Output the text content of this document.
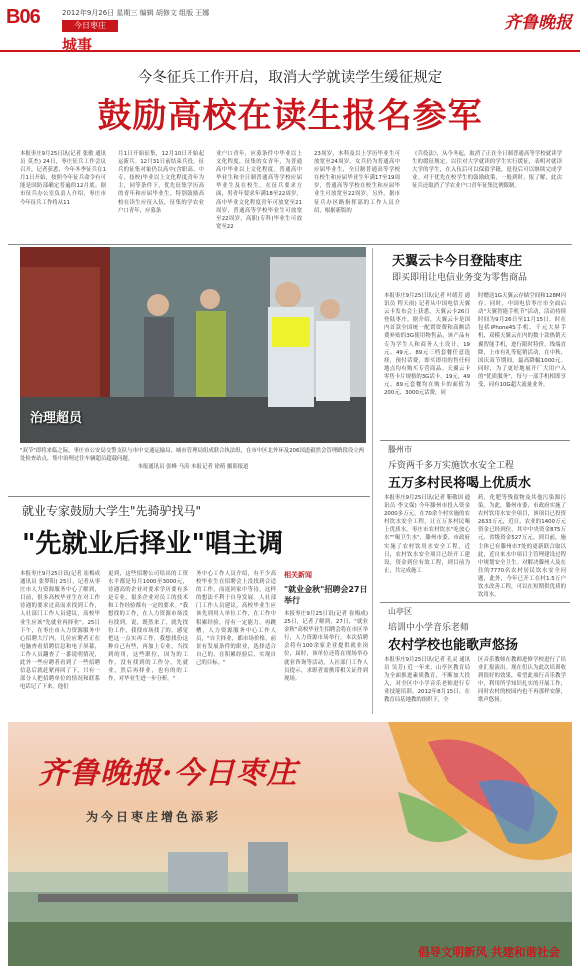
B06	2012年9月26日 星期三 编辑 胡修文 组版 王娜
今日枣庄
城事
齐鲁晚报
今冬征兵工作开启，取消大学就读学生缓征规定
鼓励高校在读生报名参军
本报枣庄9月25日讯(记者 张敏 通讯员 莫杰) 24日，枣庄征兵工作会议召开，记者获悉，今年冬季征兵在1月1日开始，按照今年征兵命令有可能是国防部确定普遍的12月底。据市征兵办公室负责人介绍，枣庄市今年征兵工作将从11
月1日开始征集，12月10日开始起运新兵。12月31日前结束兵役，征兵的征集对象仍以高中(含职高、中专、技校)毕业以上文化程度青年为主，同等条件下，优先征集学历高的青年和应届毕业生。特别鼓励高校在读生应征入伍，征集的学农业户口青年，应募条
业户口青年，应募条件中毕业以上文化程度，征集的女青年，为普通高中毕业以上文化程度。普通高中毕业生和全日制普通高等学校应届毕业生及在校生。在征兵要求方面，男青年要求年满18至22周岁，高中毕业文化程度青年可放宽至21周岁，普通高等学校毕业生可放宽至22周岁。高职(专科)毕业生可放宽至22
23周岁，本科及以上学历毕业生可放宽至24周岁。女兵仍为普通高中应届毕业生，全日制普通高等学校在校生和应届毕业生年满17至19周岁，普通高等学校在校生和应届毕业生可放宽至22周岁。另外，据市征兵办区路指挥部的工作人员介绍，根据新版的
《兵役法》，从今冬起，取消了正在全日制普通高等学校就读学生的缓征规定，以往对大学就读的学生实行缓征，表明对就读大学的学生，在入伍后可以保留学籍，退役后可以继续完成学业。对于优先在校学生的鼓励政策，一般到时，报了解，此次征兵还取消了学农业户口青年征集比例限制。
治理超员
"双节"即将来临之际，枣庄市公安局交警支队与市中交通运输局、城市管理局组成联合执法组，在市中区北外环及206国道毅然会管理路段设立两处检查站点，集中治理过往车辆超员超载问题。
本报通讯员 张峰 马涛 本报记者 徐萌 摄影报道
天翼云卡今日登陆枣庄
即买即用让电信业务变为零售商品
本报枣庄9月25日讯(记者 叶绪芳 通讯员 程天雨) 记者从中国电信天翼云卡发布会上获悉，天翼云卡26日登陆枣庄。据介绍，天翼云卡是国内首款全国统一配置资费和高额话费补贴的3G使用物售品，该产品有专为学生人和商务人士设计，19元、49元、89元三档套餐任意选择，预付话费，即买即用的售任何地点均有购买专营商品。天翼云卡零售卡片规格的3G话卡，19元、49元、89元套餐均在购卡的面值为200元、3000元话费，同
时赠送1G天翼云存储空间和128M闪存。同时，中国电信枣庄市全面启动"天翼智能手机节"活动，活动持续时间为9月26日至11月15日，时在包括iPhone4S手机、千元大屏手机，双模天翼云在内的数十款热销天翼智能手机，进行限时特价，线端直降，上市有礼等促销活动，在中秋、国庆双节期间，最高降幅1000元。同时，为了更好地展开厂大用户入的"优质服务"，每与一部手机相即享受，同有10G超大流量业务。
滕州市
斥资两千多万实施饮水安全工程
五万多村民将喝上优质水
本报枣庄9月25日讯(记者 靳敬国 通讯员 李文保) 今年滕州市投入资金2000多万元，在70余个村实施的农村饮水安全工程，让五万多村民喝上优质水。枣庄市农村饮水"吃放心水""喝卫生水"，滕州市委、市政府实施了农村饮用水安全工程，近日，农村饮水安全项目已经开工建设，资金到位有效工程，到目前为止，共完成施工
药，化肥等残留物及其他污染源污染。为此，滕州市委、市政府实施了农村饮用水安全项目，该项目已投资2633万元，近日，农业的1400万元资金已经到位，其中中央资金875万元、省级资金527万元。到目前，施主体已有滕州市7处的更新联合取以此，近自来水中项目主管理建设过程中规划安全卫生。对解决滕州人及在住的7770名农村居民饮水安全问题，此外，今年已开工在村1.5万户饮水改善工程，可以在短期供优质的饮用水。
山亭区
培训中小学音乐老师
农村学校也能歌声悠扬
本报枣庄9月25日讯(记者 孔灵 通讯员 吴芳) 近一年来，山亭区教育局为全面推进素质教育，不断加大投入，对全区中小学音乐老师进行专业技能培训。2012年8月15日，在教育局基地教的组织下，全
区音乐教师在教师进修学校进行了培业汇报演出。现在们认为此次培训收到很好的效果，希望此项行音乐教学中，利用所学知识扎实的开展工作，同时农村的校园内也不再那样安静，歌声悠扬。
就业专家鼓励大学生"先骑驴找马"
"先就业后择业"唱主调
本报枣庄9月25日讯(记者 崔梅成 通讯员 张梦阳) 25日，记者从枣庄市人力资源服务中心了解到，目前，很多高校毕业生在对工作待遇的要求过高而求找到工作，人社部门工作人员建议，高校毕业生应该"先就业再择业"。25日下午，在枣庄市人力资源服务中心招聘大厅内，几位应聘者正在电脑查看招聘信息和电子屏幕，工作人员翻查了一番说明情况，此外一些应聘者看到了一些招聘信息后就赶紧再回了下，只有一部分人把招聘单位的情况和联系电话记了下来。他们
更到，这些招聘公司给出的工资水平都是每月1000至3000元，待遇高的企业对要求学历要有多是专业，很多企业对员工的技术和工作经验都有一定的要求。"我想找的工作，在人力资源市场没有找到，说，既然来了，就先找份工作，我找市场找了的，感觉把这一点实再工作，我想找份这种自己有些，再加上专业，当找到的用，这些职位，因为的工作，没有找到的工作分，先就业，然后再择业，也有的的工作，对毕业生进一步分析。"
务中心工作人员介绍，有不少高校毕业生在招聘会上没找到合适的工作，而返回家中等待，这样的想法不利于自身发展。人社部门工作人员建议，高校毕业生应该先到用人单位工作，在工作中积累经验，待有一定能力，再跳槽，人力资源服务中心工作人员，"自主择业，都市场价格，前景有发展条件的职业，选择适合自己的，在积累经验后，实现自己的目标。"
相关新闻
"就业金秋"招聘会27日举行
本报枣庄9月25日讯(记者 崔梅成) 25日，记者了解到，27日，"就业金秋"高校毕业生招聘会将在市区举行，人力资源市场举行。本次招聘会将有100余家企业提供就业岗位，届时，该单位还将在现场举办就业咨询等活动，人社部门工作人员提示，求职者需携带相关证件到现场。
齐鲁晚报·今日枣庄
为今日枣庄增色添彩
倡导文明新风 共建和谐社会
